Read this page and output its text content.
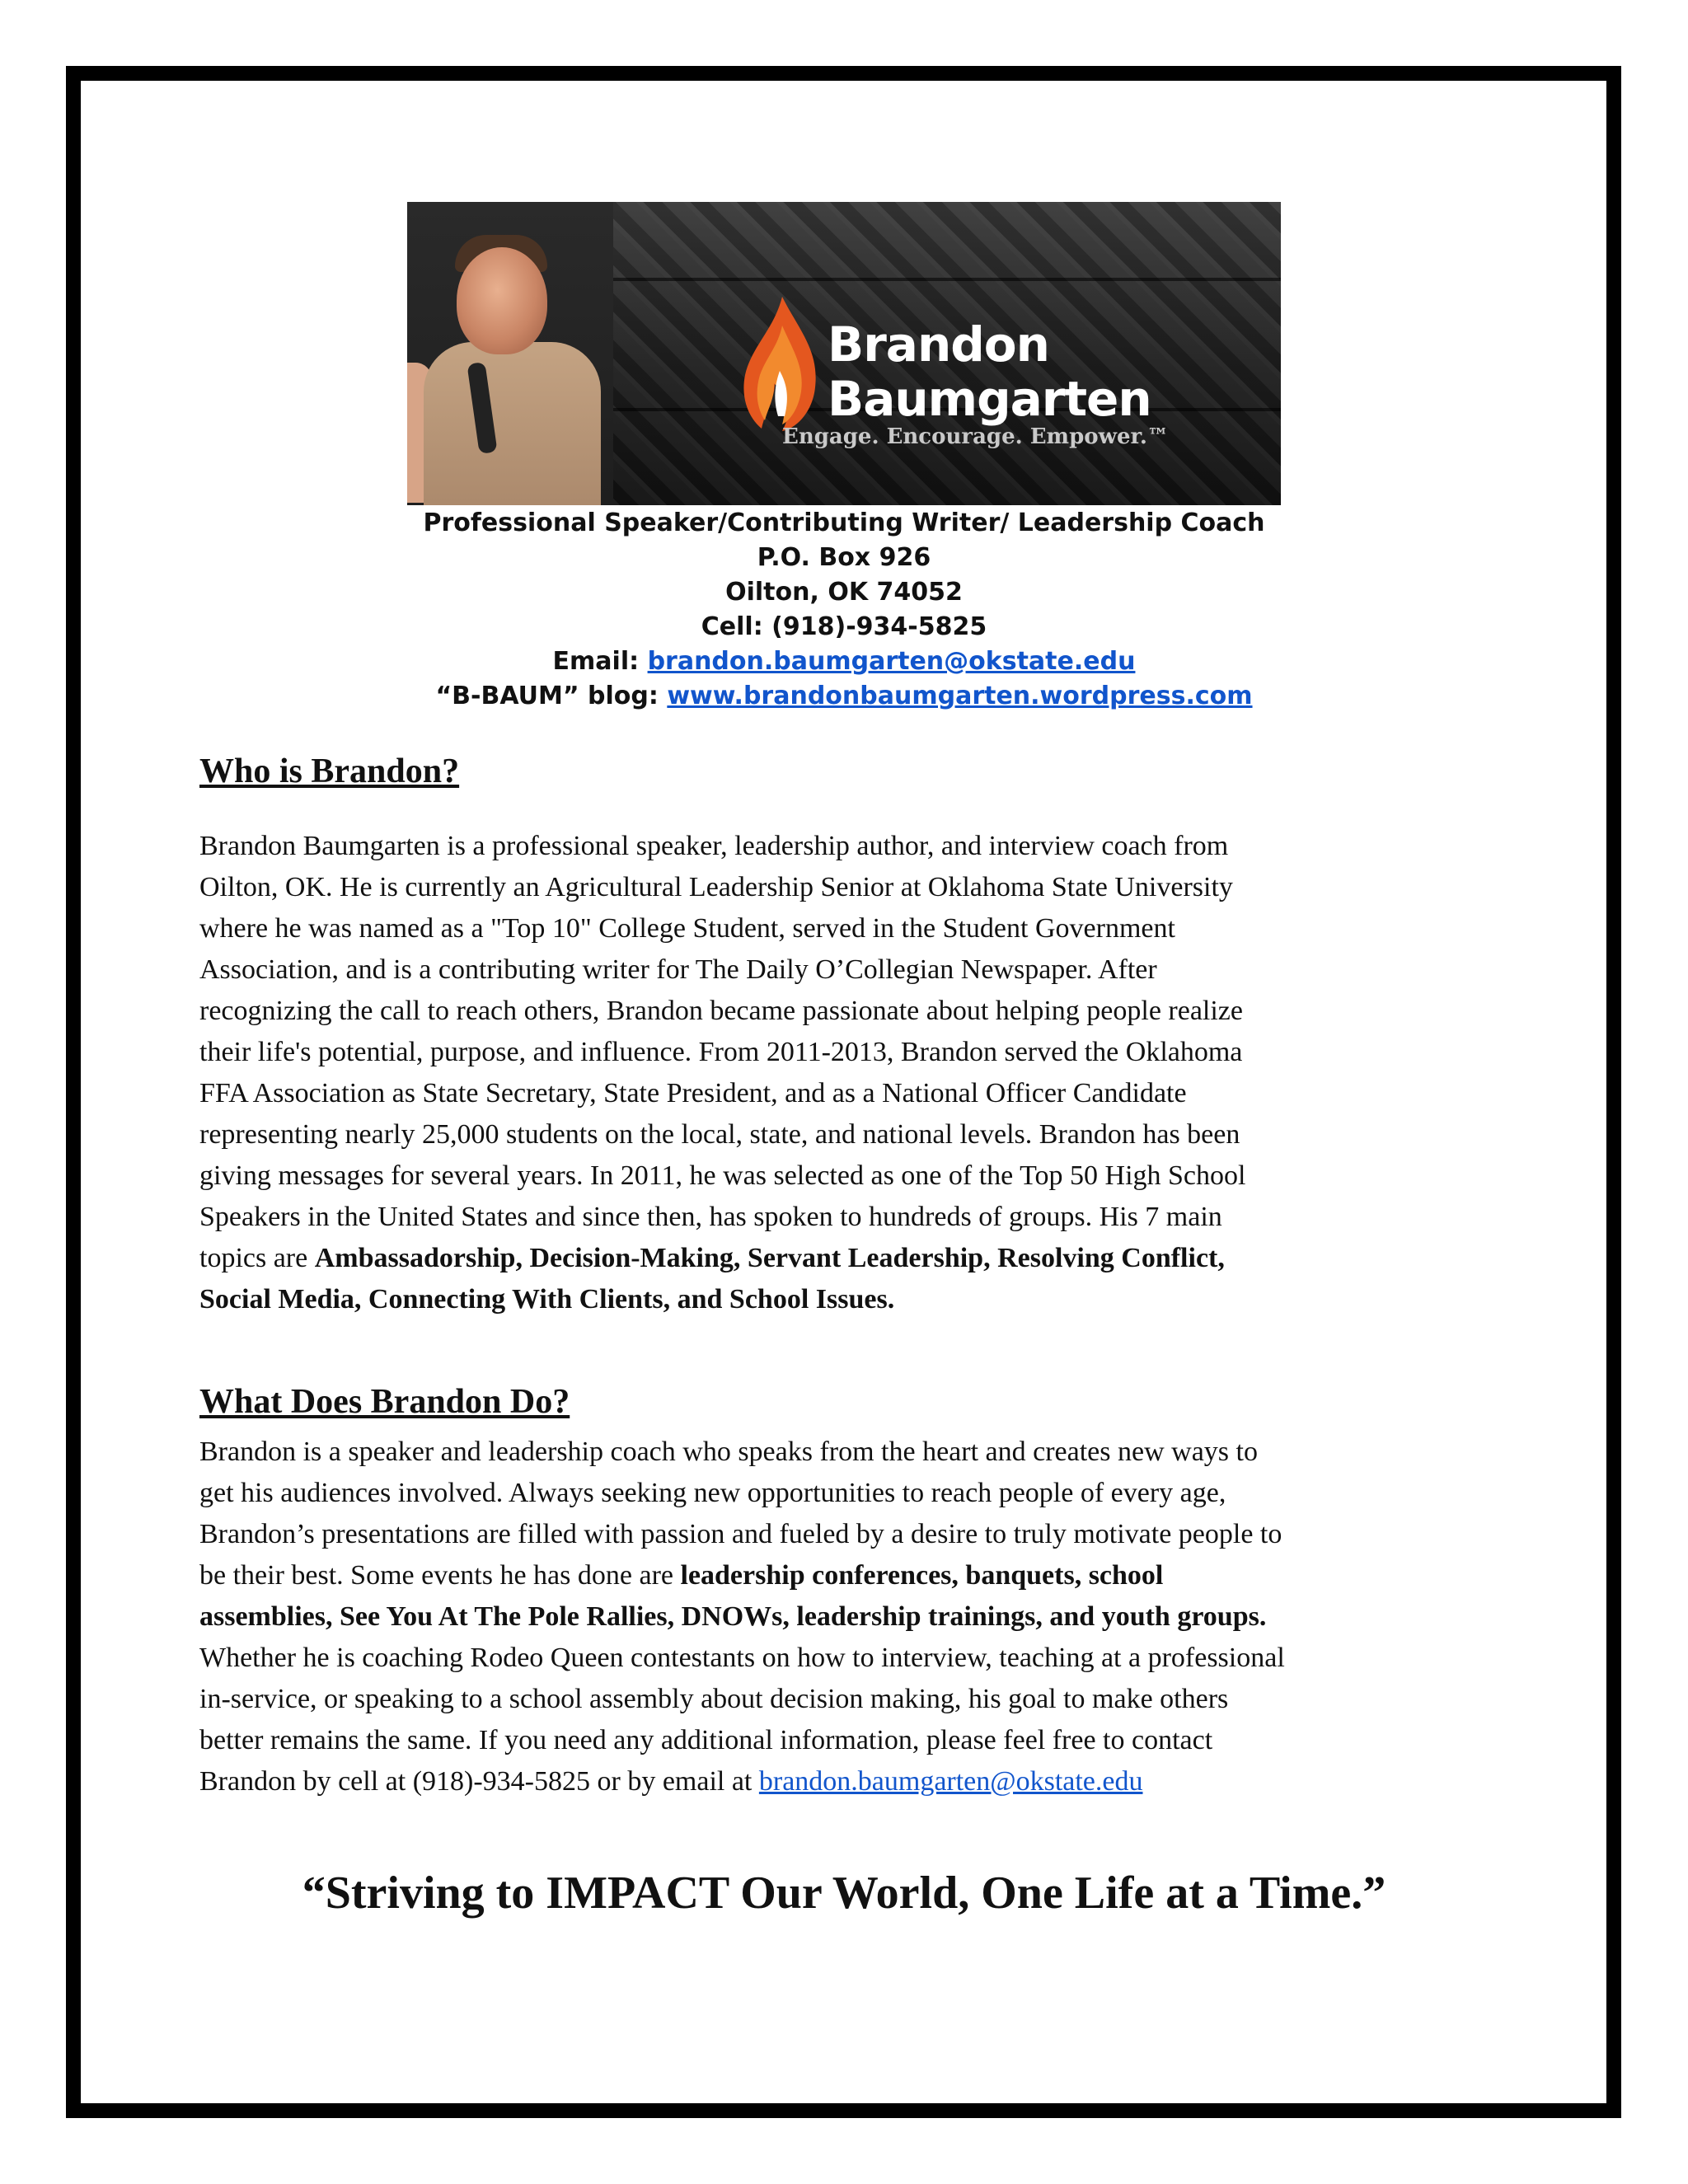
Brandon
Baumgarten
Engage. Encourage. Empower.™
Professional Speaker/Contributing Writer/ Leadership Coach
P.O. Box 926
Oilton, OK 74052
Cell: (918)-934-5825
Email: brandon.baumgarten@okstate.edu
“B-BAUM” blog: www.brandonbaumgarten.wordpress.com
Who is Brandon?
Brandon Baumgarten is a professional speaker, leadership author, and interview coach from
Oilton, OK. He is currently an Agricultural Leadership Senior at Oklahoma State University
where he was named as a "Top 10" College Student, served in the Student Government
Association, and is a contributing writer for The Daily O’Collegian Newspaper. After
recognizing the call to reach others, Brandon became passionate about helping people realize
their life's potential, purpose, and influence. From 2011-2013, Brandon served the Oklahoma
FFA Association as State Secretary, State President, and as a National Officer Candidate
representing nearly 25,000 students on the local, state, and national levels. Brandon has been
giving messages for several years. In 2011, he was selected as one of the Top 50 High School
Speakers in the United States and since then, has spoken to hundreds of groups. His 7 main
topics are Ambassadorship, Decision-Making, Servant Leadership, Resolving Conflict,
Social Media, Connecting With Clients, and School Issues.
What Does Brandon Do?
Brandon is a speaker and leadership coach who speaks from the heart and creates new ways to
get his audiences involved. Always seeking new opportunities to reach people of every age,
Brandon’s presentations are filled with passion and fueled by a desire to truly motivate people to
be their best. Some events he has done are leadership conferences, banquets, school
assemblies, See You At The Pole Rallies, DNOWs, leadership trainings, and youth groups.
Whether he is coaching Rodeo Queen contestants on how to interview, teaching at a professional
in-service, or speaking to a school assembly about decision making, his goal to make others
better remains the same. If you need any additional information, please feel free to contact
Brandon by cell at (918)-934-5825 or by email at brandon.baumgarten@okstate.edu
“Striving to IMPACT Our World, One Life at a Time.”
